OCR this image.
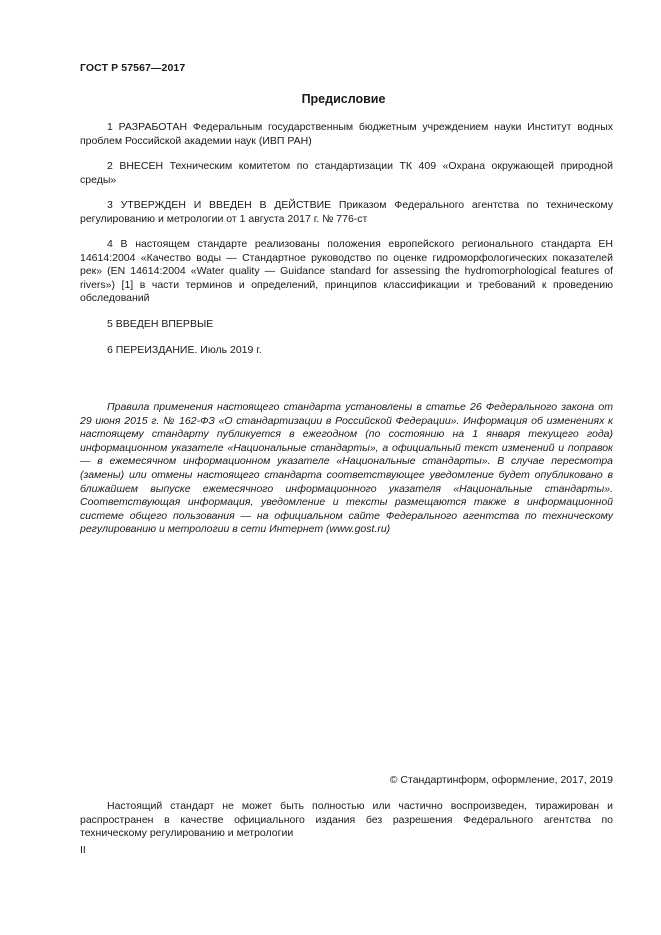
ГОСТ Р 57567—2017
Предисловие

1 РАЗРАБОТАН Федеральным государственным бюджетным учреждением науки Институт водных проблем Российской академии наук (ИВП РАН)

2 ВНЕСЕН Техническим комитетом по стандартизации ТК 409 «Охрана окружающей природной среды»

3 УТВЕРЖДЕН И ВВЕДЕН В ДЕЙСТВИЕ Приказом Федерального агентства по техническому регулированию и метрологии от 1 августа 2017 г. № 776-ст

4 В настоящем стандарте реализованы положения европейского регионального стандарта ЕН 14614:2004 «Качество воды — Стандартное руководство по оценке гидроморфологических показателей рек» (EN 14614:2004 «Water quality — Guidance standard for assessing the hydromorphological features of rivers») [1] в части терминов и определений, принципов классификации и требований к проведению обследований

5 ВВЕДЕН ВПЕРВЫЕ

6 ПЕРЕИЗДАНИЕ. Июль 2019 г.

Правила применения настоящего стандарта установлены в статье 26 Федерального закона от 29 июня 2015 г. № 162-ФЗ «О стандартизации в Российской Федерации». Информация об изменениях к настоящему стандарту публикуется в ежегодном (по состоянию на 1 января текущего года) информационном указателе «Национальные стандарты», а официальный текст изменений и поправок — в ежемесячном информационном указателе «Национальные стандарты». В случае пересмотра (замены) или отмены настоящего стандарта соответствующее уведомление будет опубликовано в ближайшем выпуске ежемесячного информационного указателя «Национальные стандарты». Соответствующая информация, уведомление и тексты размещаются также в информационной системе общего пользования — на официальном сайте Федерального агентства по техническому регулированию и метрологии в сети Интернет (www.gost.ru)

© Стандартинформ, оформление, 2017, 2019

Настоящий стандарт не может быть полностью или частично воспроизведен, тиражирован и распространен в качестве официального издания без разрешения Федерального агентства по техническому регулированию и метрологии

II
